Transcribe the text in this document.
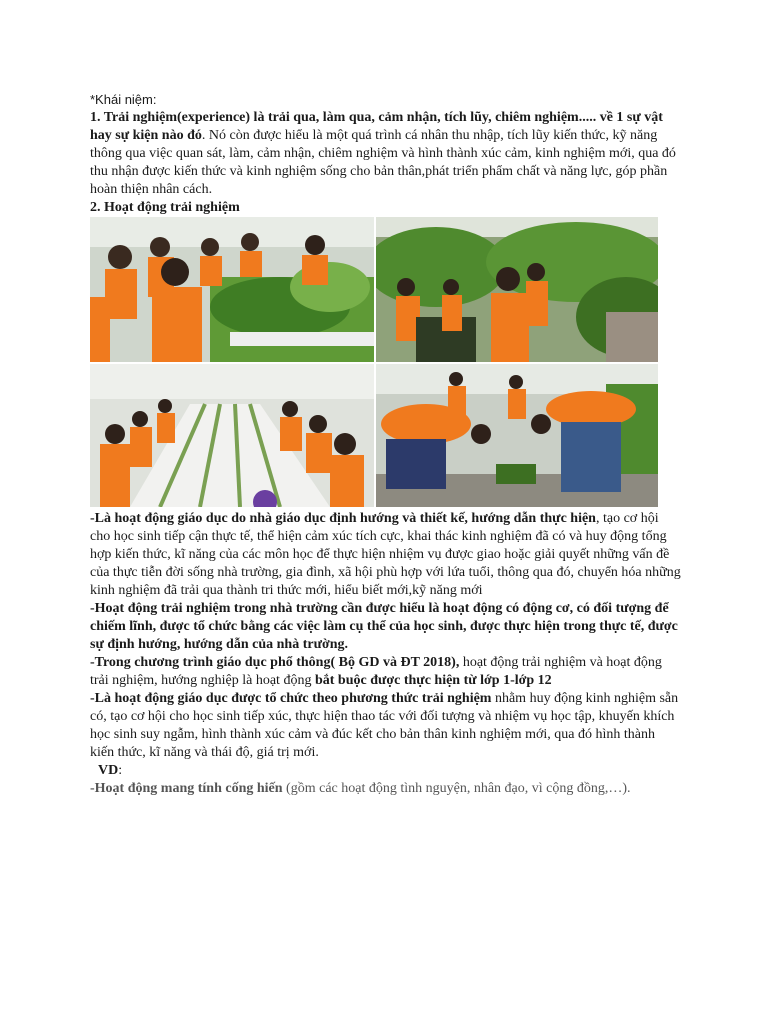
*Khái niệm:

1. Trải nghiệm(experience) là trải qua, làm qua, cảm nhận, tích lũy, chiêm nghiệm..... về 1 sự vật hay sự kiện nào đó. Nó còn được hiểu là một quá trình cá nhân thu nhập, tích lũy kiến thức, kỹ năng thông qua việc quan sát, làm, cảm nhận, chiêm nghiệm và hình thành xúc cảm, kinh nghiệm mới, qua đó thu nhận được kiến thức và kinh nghiệm sống cho bản thân,phát triển phẩm chất và năng lực, góp phần hoàn thiện nhân cách.

2. Hoạt động trải nghiệm

-Là hoạt động giáo dục do nhà giáo dục định hướng và thiết kế, hướng dẫn thực hiện, tạo cơ hội cho học sinh tiếp cận thực tế, thể hiện cảm xúc tích cực, khai thác kinh nghiệm đã có và huy động tổng hợp kiến thức, kĩ năng của các môn học để thực hiện nhiệm vụ được giao hoặc giải quyết những vấn đề của thực tiễn đời sống nhà trường, gia đình, xã hội phù hợp với lứa tuổi, thông qua đó, chuyển hóa những kinh nghiệm đã trải qua thành tri thức mới, hiểu biết mới,kỹ năng mới

-Hoạt động trải nghiệm trong nhà trường cần được hiểu là hoạt động có động cơ, có đối tượng để chiếm lĩnh, được tổ chức bằng các việc làm cụ thể của học sinh, được thực hiện trong thực tế, được sự định hướng, hướng dẫn của nhà trường.

-Trong chương trình giáo dục phổ thông( Bộ GD và ĐT 2018), hoạt động trải nghiệm và hoạt động trải nghiệm, hướng nghiệp là hoạt động bắt buộc được thực hiện từ lớp 1-lớp 12

-Là hoạt động giáo dục được tổ chức theo phương thức trải nghiệm nhằm huy động kinh nghiệm sẵn có, tạo cơ hội cho học sinh tiếp xúc, thực hiện thao tác với đối tượng và nhiệm vụ học tập, khuyến khích học sinh suy ngẫm, hình thành xúc cảm và đúc kết cho bản thân kinh nghiệm mới, qua đó hình thành kiến thức, kĩ năng và thái độ, giá trị mới.

VD:

-Hoạt động mang tính cống hiến (gồm các hoạt động tình nguyện, nhân đạo, vì cộng đồng,…).
